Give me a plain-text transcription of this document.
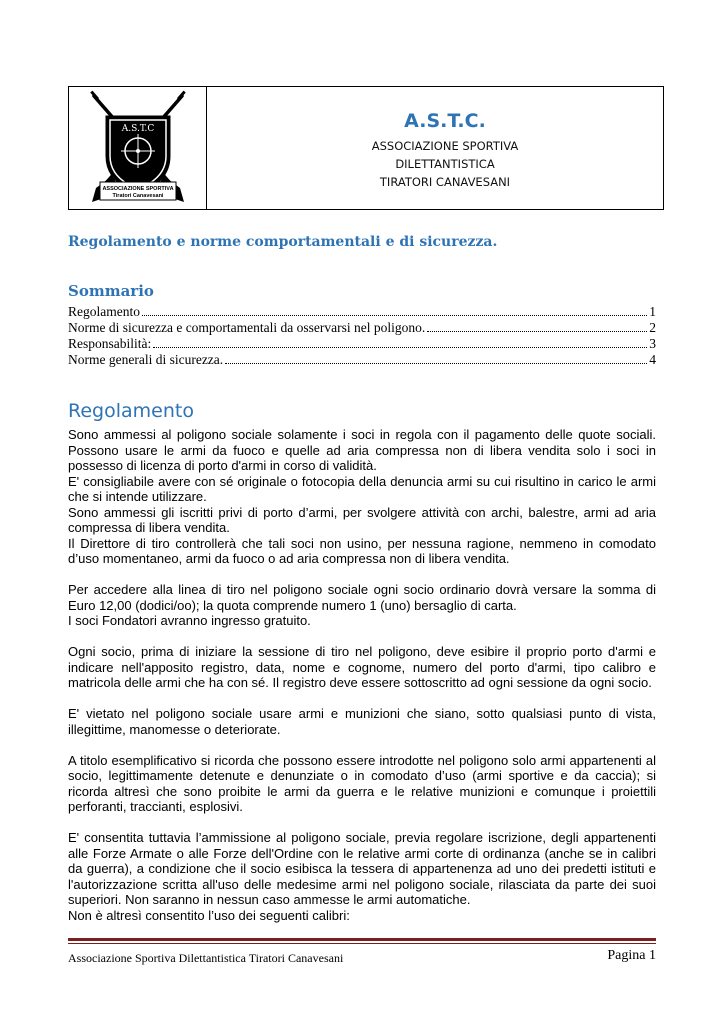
A.S.T.C
ASSOCIAZIONE SPORTIVA
Tiratori Canavesani
A.S.T.C.
ASSOCIAZIONE SPORTIVA
DILETTANTISTICA
TIRATORI CANAVESANI
Regolamento e norme comportamentali e di sicurezza.
Sommario
Regolamento	1
Norme di sicurezza e comportamentali da osservarsi nel poligono.	2
Responsabilità:	3
Norme generali di sicurezza.	4
Regolamento

Sono ammessi al poligono sociale solamente i soci in regola con il pagamento delle quote sociali. Possono usare le armi da fuoco e quelle ad aria compressa non di libera vendita solo i soci in possesso di licenza di porto d'armi in corso di validità.

E' consigliabile avere con sé originale o fotocopia della denuncia armi su cui risultino in carico le armi che si intende utilizzare.

Sono ammessi gli iscritti privi di porto d’armi, per svolgere attività con archi, balestre, armi ad aria compressa di libera vendita.

Il Direttore di tiro controllerà che tali soci non usino, per nessuna ragione, nemmeno in comodato d’uso momentaneo, armi da fuoco o ad aria compressa non di libera vendita.

Per accedere alla linea di tiro nel poligono sociale ogni socio ordinario dovrà versare la somma di Euro 12,00 (dodici/oo); la quota comprende numero 1 (uno) bersaglio di carta.

I soci Fondatori avranno ingresso gratuito.

Ogni socio, prima di iniziare la sessione di tiro nel poligono, deve esibire il proprio porto d'armi e indicare nell'apposito registro, data, nome e cognome, numero del porto d'armi, tipo calibro e matricola delle armi che ha con sé. Il registro deve essere sottoscritto ad ogni sessione da ogni socio.

E' vietato nel poligono sociale usare armi e munizioni che siano, sotto qualsiasi punto di vista, illegittime, manomesse o deteriorate.

A titolo esemplificativo si ricorda che possono essere introdotte nel poligono solo armi appartenenti al socio, legittimamente detenute e denunziate o in comodato d’uso (armi sportive e da caccia); si ricorda altresì che sono proibite le armi da guerra e le relative munizioni e comunque i proiettili perforanti, traccianti, esplosivi.

E' consentita tuttavia l’ammissione al poligono sociale, previa regolare iscrizione, degli appartenenti alle Forze Armate o alle Forze dell'Ordine con le relative armi corte di ordinanza (anche se in calibri da guerra), a condizione che il socio esibisca la tessera di appartenenza ad uno dei predetti istituti e l'autorizzazione scritta all'uso delle medesime armi nel poligono sociale, rilasciata da parte dei suoi superiori. Non saranno in nessun caso ammesse le armi automatiche.

Non è altresì consentito l’uso dei seguenti calibri:

Associazione Sportiva Dilettantistica Tiratori Canavesani	Pagina 1
